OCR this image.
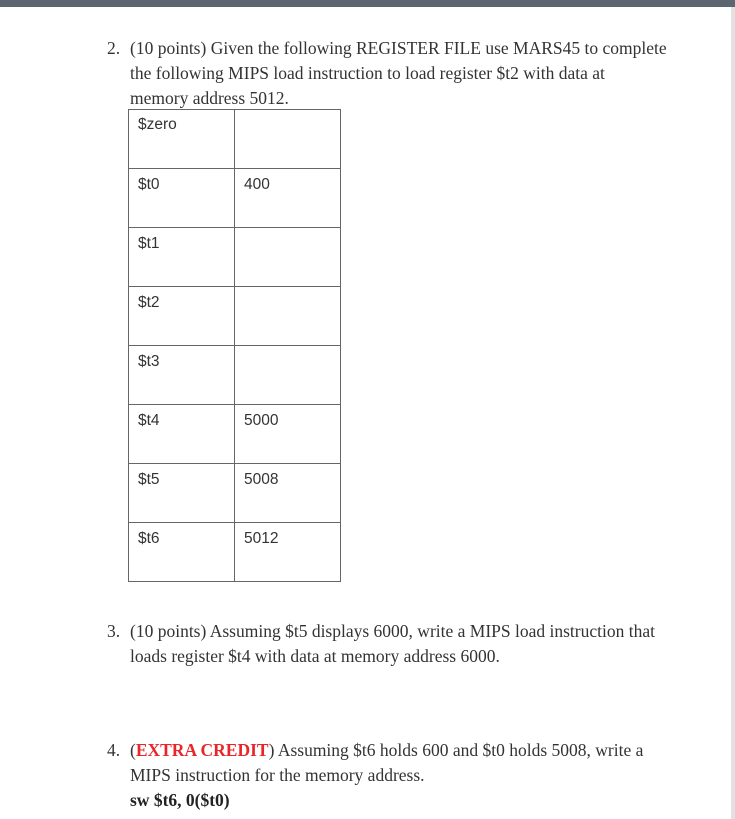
2. (10 points) Given the following REGISTER FILE use MARS45 to complete the following MIPS load instruction to load register $t2 with data at memory address 5012.
$zero	
$t0	400
$t1	
$t2	
$t3	
$t4	5000
$t5	5008
$t6	5012
3. (10 points) Assuming $t5 displays 6000, write a MIPS load instruction that loads register $t4 with data at memory address 6000.
4. (EXTRA CREDIT) Assuming $t6 holds 600 and $t0 holds 5008, write a MIPS instruction for the memory address.
sw $t6, 0($t0)
